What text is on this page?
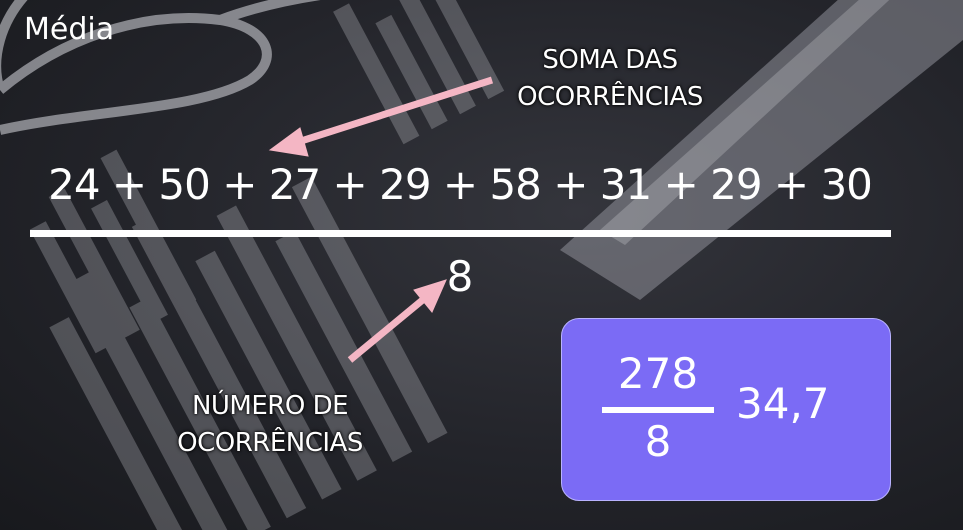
Média
SOMA DAS
OCORRÊNCIAS
24 + 50 + 27 + 29 + 58 + 31 + 29 + 30
8
NÚMERO DE
OCORRÊNCIAS
278
8
34,7
